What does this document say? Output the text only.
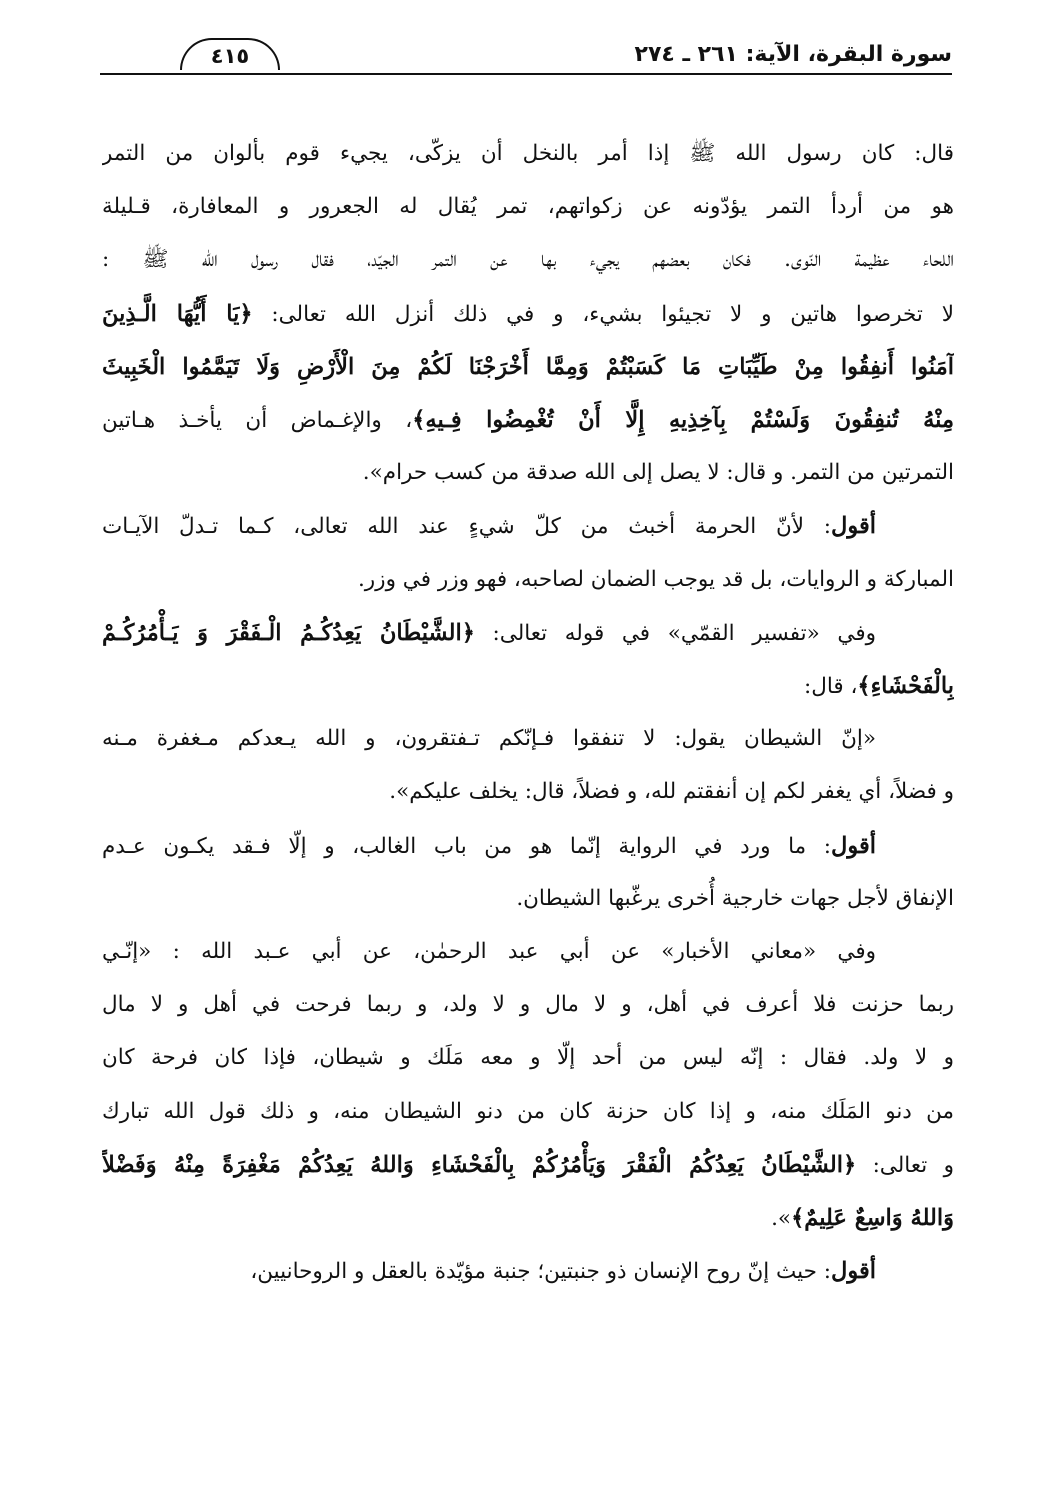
٤١٥	سورة البقرة، الآية: ٢٦١ ـ ٢٧٤
قال: كان رسول الله ﷺ إذا أمر بالنخل أن يزكّى، يجيء قوم بألوان من التمر
هو من أردأ التمر يؤدّونه عن زكواتهم، تمر يُقال له الجعرور و المعافارة، قـليلة
اللحاء عظيمة النّوى. فكان بعضهم يجيء بها عن التمر الجيّد، فقال رسول الله ﷺ :
لا تخرصوا هاتين و لا تجيئوا بشيء، و في ذلك أنزل الله تعالى: ﴿يَا أَيُّهَا الَّـذِينَ
آمَنُوا أَنفِقُوا مِنْ طَيِّبَاتِ مَا كَسَبْتُمْ وَمِمَّا أَخْرَجْنَا لَكُمْ مِنَ الْأَرْضِ وَلَا تَيَمَّمُوا الْخَبِيثَ
مِنْهُ تُنفِقُونَ وَلَسْتُمْ بِآخِذِيهِ إِلَّا أَنْ تُغْمِضُوا فِـيهِ﴾، والإغـماض أن يأخـذ هـاتين
التمرتين من التمر. و قال: لا يصل إلى الله صدقة من كسب حرام».
أقول: لأنّ الحرمة أخبث من كلّ شيءٍ عند الله تعالى، كـما تـدلّ الآيـات
المباركة و الروايات، بل قد يوجب الضمان لصاحبه، فهو وزر في وزر.
وفي «تفسير القمّي» في قوله تعالى: ﴿الشَّيْطَانُ يَعِدُكُـمُ الْـفَقْرَ وَ يَـأْمُرُكُـمْ
بِالْفَحْشَاءِ﴾، قال:
«إنّ الشيطان يقول: لا تنفقوا فـإنّكم تـفتقرون، و الله يـعدكم مـغفرة مـنه
و فضلاً، أي يغفر لكم إن أنفقتم لله، و فضلاً، قال: يخلف عليكم».
أقول: ما ورد في الرواية إنّما هو من باب الغالب، و إلّا فـقد يكـون عـدم
الإنفاق لأجل جهات خارجية أُخرى يرغّبها الشيطان.
وفي «معاني الأخبار» عن أبي عبد الرحمٰن، عن أبي عـبد الله : «إنّـي
ربما حزنت فلا أعرف في أهل، و لا مال و لا ولد، و ربما فرحت في أهل و لا مال
و لا ولد. فقال : إنّه ليس من أحد إلّا و معه مَلَك و شيطان، فإذا كان فرحة كان
من دنو المَلَك منه، و إذا كان حزنة كان من دنو الشيطان منه، و ذلك قول الله تبارك
و تعالى: ﴿الشَّيْطَانُ يَعِدُكُمُ الْفَقْرَ وَيَأْمُرُكُمْ بِالْفَحْشَاءِ وَاللهُ يَعِدُكُمْ مَغْفِرَةً مِنْهُ وَفَضْلاً
وَاللهُ وَاسِعٌ عَلِيمٌ﴾».
أقول: حيث إنّ روح الإنسان ذو جنبتين؛ جنبة مؤيّدة بالعقل و الروحانيين،
